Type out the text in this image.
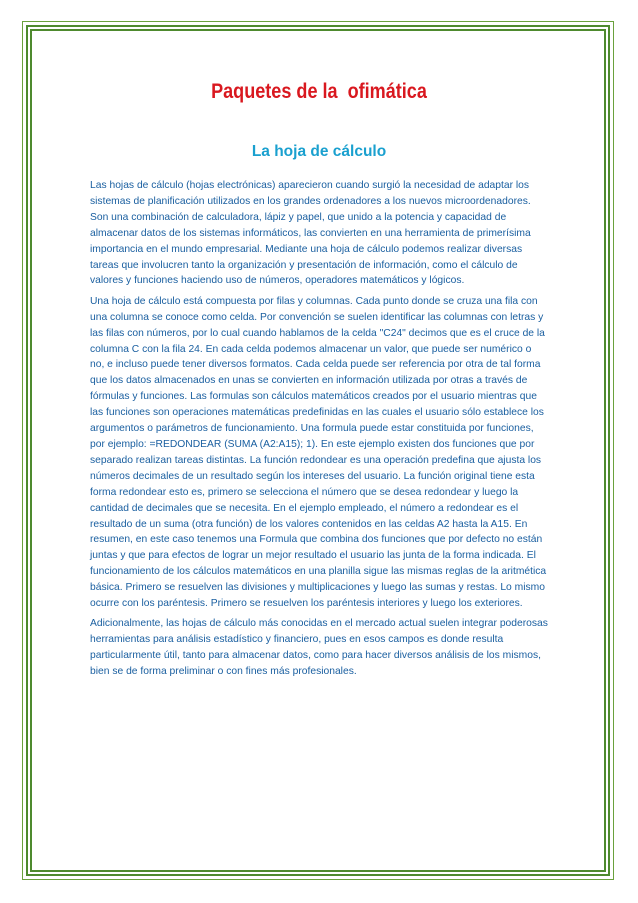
Paquetes de la  ofimática
La hoja de cálculo

Las hojas de cálculo (hojas electrónicas) aparecieron cuando surgió la necesidad de adaptar los sistemas de planificación utilizados en los grandes ordenadores a los nuevos microordenadores. Son una combinación de calculadora, lápiz y papel, que unido a la potencia y capacidad de almacenar datos de los sistemas informáticos, las convierten en una herramienta de primerísima importancia en el mundo empresarial. Mediante una hoja de cálculo podemos realizar diversas tareas que involucren tanto la organización y presentación de información, como el cálculo de valores y funciones haciendo uso de números, operadores matemáticos y lógicos.

Una hoja de cálculo está compuesta por filas y columnas. Cada punto donde se cruza una fila con una columna se conoce como celda. Por convención se suelen identificar las columnas con letras y las filas con números, por lo cual cuando hablamos de la celda "C24" decimos que es el cruce de la columna C con la fila 24. En cada celda podemos almacenar un valor, que puede ser numérico o no, e incluso puede tener diversos formatos. Cada celda puede ser referencia por otra de tal forma que los datos almacenados en unas se convierten en información utilizada por otras a través de fórmulas y funciones. Las formulas son cálculos matemáticos creados por el usuario mientras que las funciones son operaciones matemáticas predefinidas en las cuales el usuario sólo establece los argumentos o parámetros de funcionamiento. Una formula puede estar constituida por funciones, por ejemplo: =REDONDEAR (SUMA (A2:A15); 1). En este ejemplo existen dos funciones que por separado realizan tareas distintas. La función redondear es una operación predefina que ajusta los números decimales de un resultado según los intereses del usuario. La función original tiene esta forma redondear esto es, primero se selecciona el número que se desea redondear y luego la cantidad de decimales que se necesita. En el ejemplo empleado, el número a redondear es el resultado de un suma (otra función) de los valores contenidos en las celdas A2 hasta la A15. En resumen, en este caso tenemos una Formula que combina dos funciones que por defecto no están juntas y que para efectos de lograr un mejor resultado el usuario las junta de la forma indicada. El funcionamiento de los cálculos matemáticos en una planilla sigue las mismas reglas de la aritmética básica. Primero se resuelven las divisiones y multiplicaciones y luego las sumas y restas. Lo mismo ocurre con los paréntesis. Primero se resuelven los paréntesis interiores y luego los exteriores.

Adicionalmente, las hojas de cálculo más conocidas en el mercado actual suelen integrar poderosas herramientas para análisis estadístico y financiero, pues en esos campos es donde resulta particularmente útil, tanto para almacenar datos, como para hacer diversos análisis de los mismos, bien se de forma preliminar o con fines más profesionales.
